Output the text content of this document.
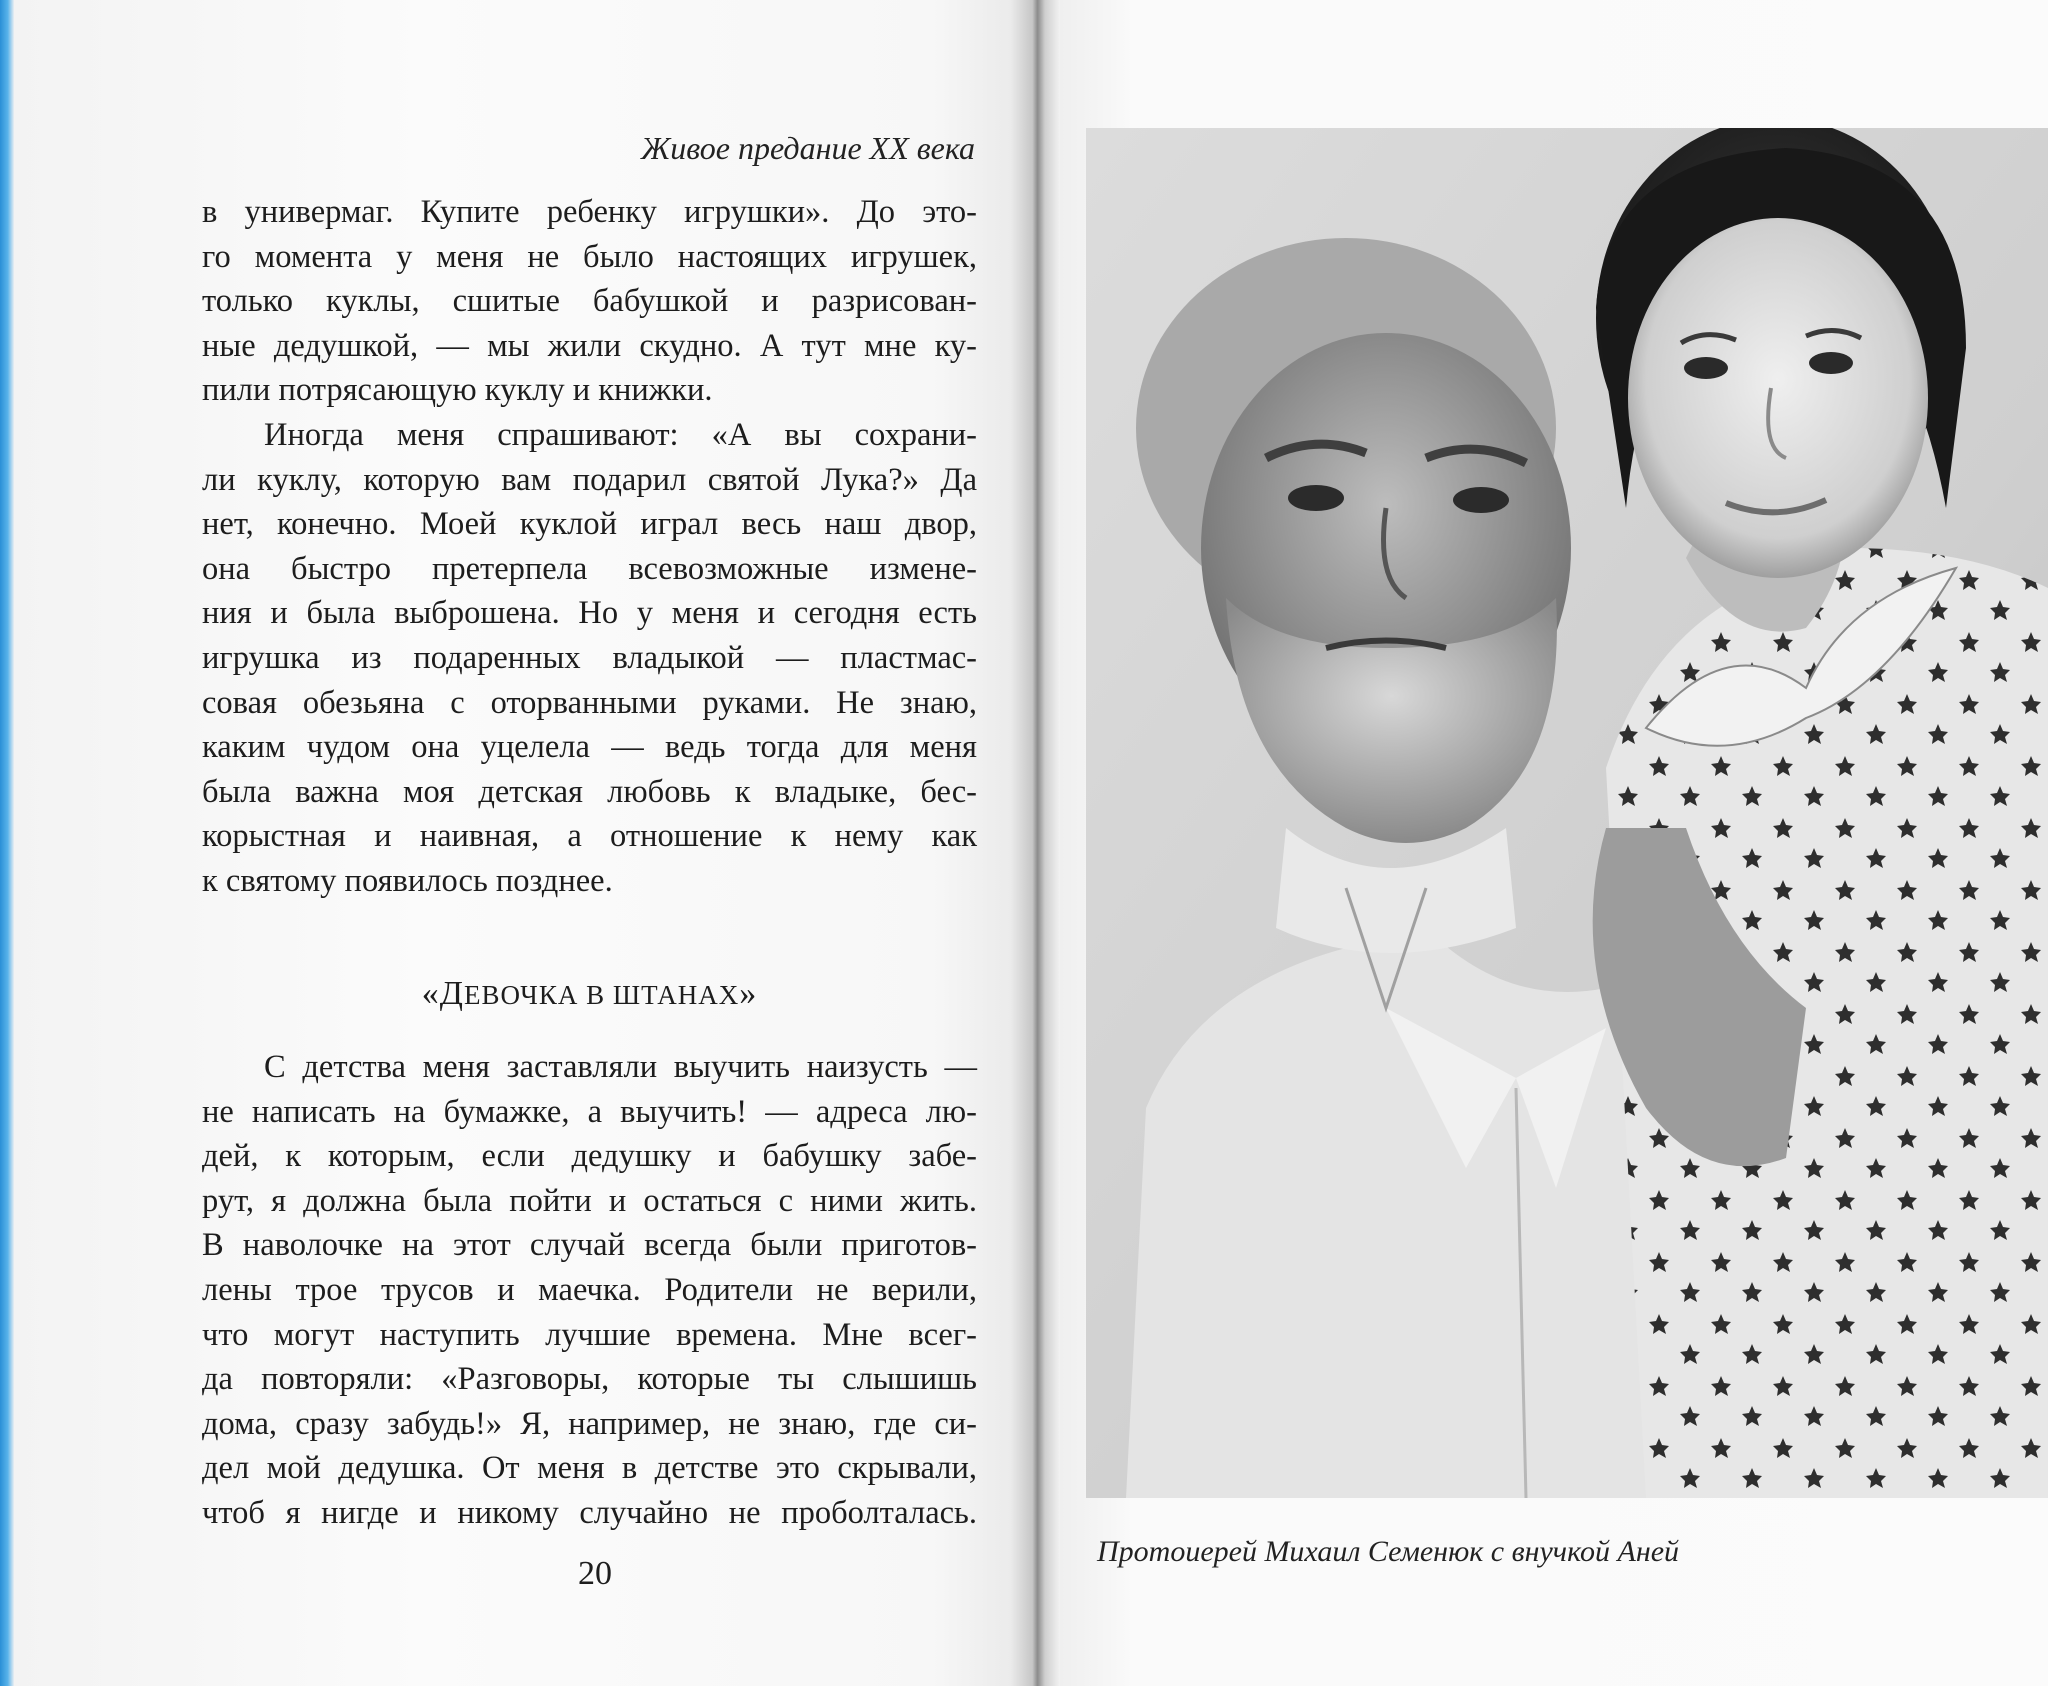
Живое предание XX века
в универмаг. Купите ребенку игрушки». До это-
го момента у меня не было настоящих игрушек,
только куклы, сшитые бабушкой и разрисован-
ные дедушкой, — мы жили скудно. А тут мне ку-
пили потрясающую куклу и книжки.
Иногда меня спрашивают: «А вы сохрани-
ли куклу, которую вам подарил святой Лука?» Да
нет, конечно. Моей куклой играл весь наш двор,
она быстро претерпела всевозможные изменe-
ния и была выброшена. Но у меня и сегодня есть
игрушка из подаренных владыкой — пластмас-
совая обезьяна с оторванными руками. Не знаю,
каким чудом она уцелела — ведь тогда для меня
была важна моя детская любовь к владыке, бес-
корыстная и наивная, а отношение к нему как
к святому появилось позднее.
«ДЕВОЧКА В ШТАНАХ»
С детства меня заставляли выучить наизусть —
не написать на бумажке, а выучить! — адреса лю-
дей, к которым, если дедушку и бабушку забе-
рут, я должна была пойти и остаться с ними жить.
В наволочке на этот случай всегда были приготов-
лены трое трусов и маечка. Родители не верили,
что могут наступить лучшие времена. Мне всег-
да повторяли: «Разговоры, которые ты слышишь
дома, сразу забудь!» Я, например, не знаю, где си-
дел мой дедушка. От меня в детстве это скрывали,
чтоб я нигде и никому случайно не проболталась.
20
Протоиерей Михаил Семенюк с внучкой Аней
